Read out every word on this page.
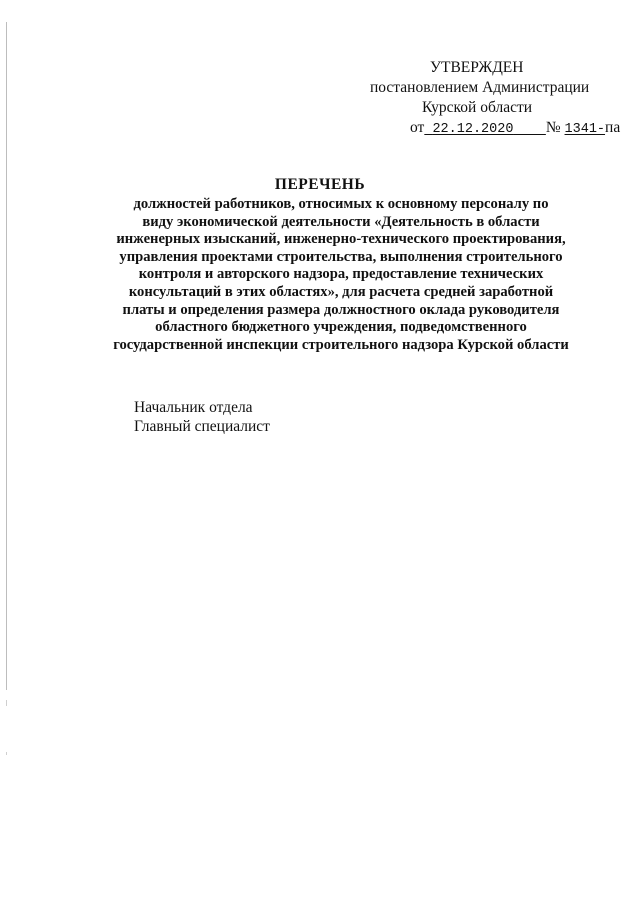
УТВЕРЖДЕН
постановлением Администрации
Курской области
от 22.12.2020 № 1341-па
ПЕРЕЧЕНЬ
должностей работников, относимых к основному персоналу по
виду экономической деятельности «Деятельность в области
инженерных изысканий, инженерно-технического проектирования,
управления проектами строительства, выполнения строительного
контроля и авторского надзора, предоставление технических
консультаций в этих областях», для расчета средней заработной
платы и определения размера должностного оклада руководителя
областного бюджетного учреждения, подведомственного
государственной инспекции строительного надзора Курской области
Начальник отдела
Главный специалист
